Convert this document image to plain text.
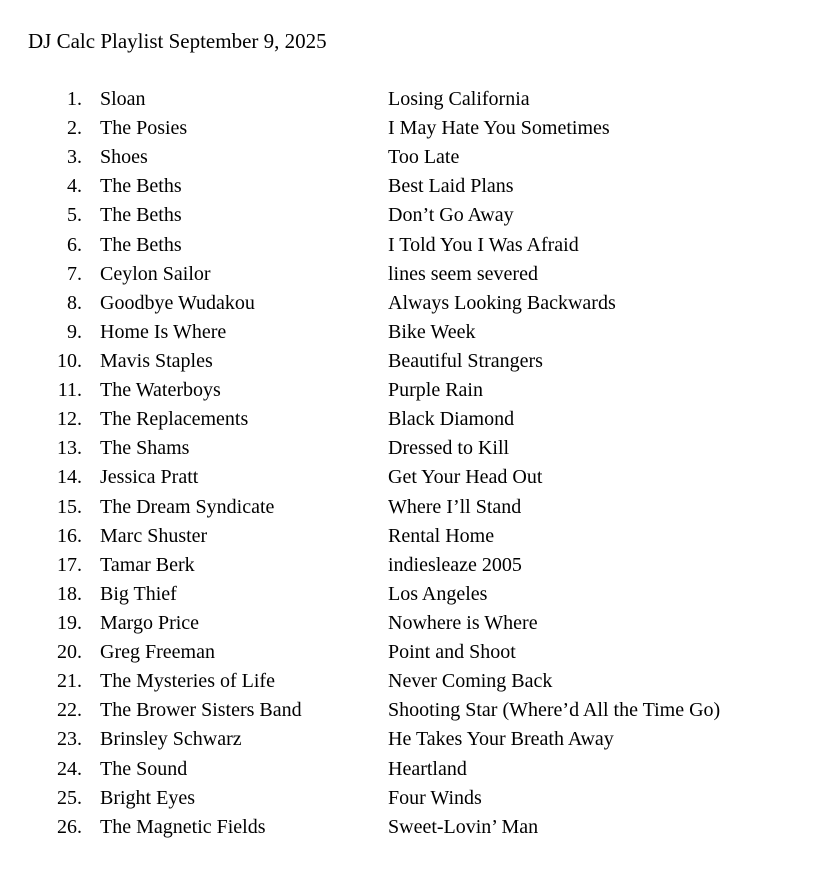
DJ Calc Playlist September 9, 2025
1. Sloan	Losing California
2. The Posies	I May Hate You Sometimes
3. Shoes	Too Late
4. The Beths	Best Laid Plans
5. The Beths	Don’t Go Away
6. The Beths	I Told You I Was Afraid
7. Ceylon Sailor	lines seem severed
8. Goodbye Wudakou	Always Looking Backwards
9. Home Is Where	Bike Week
10. Mavis Staples	Beautiful Strangers
11. The Waterboys	Purple Rain
12. The Replacements	Black Diamond
13. The Shams	Dressed to Kill
14. Jessica Pratt	Get Your Head Out
15. The Dream Syndicate	Where I’ll Stand
16. Marc Shuster	Rental Home
17. Tamar Berk	indiesleaze 2005
18. Big Thief	Los Angeles
19. Margo Price	Nowhere is Where
20. Greg Freeman	Point and Shoot
21. The Mysteries of Life	Never Coming Back
22. The Brower Sisters Band	Shooting Star (Where’d All the Time Go)
23. Brinsley Schwarz	He Takes Your Breath Away
24. The Sound	Heartland
25. Bright Eyes	Four Winds
26. The Magnetic Fields	Sweet-Lovin’ Man
